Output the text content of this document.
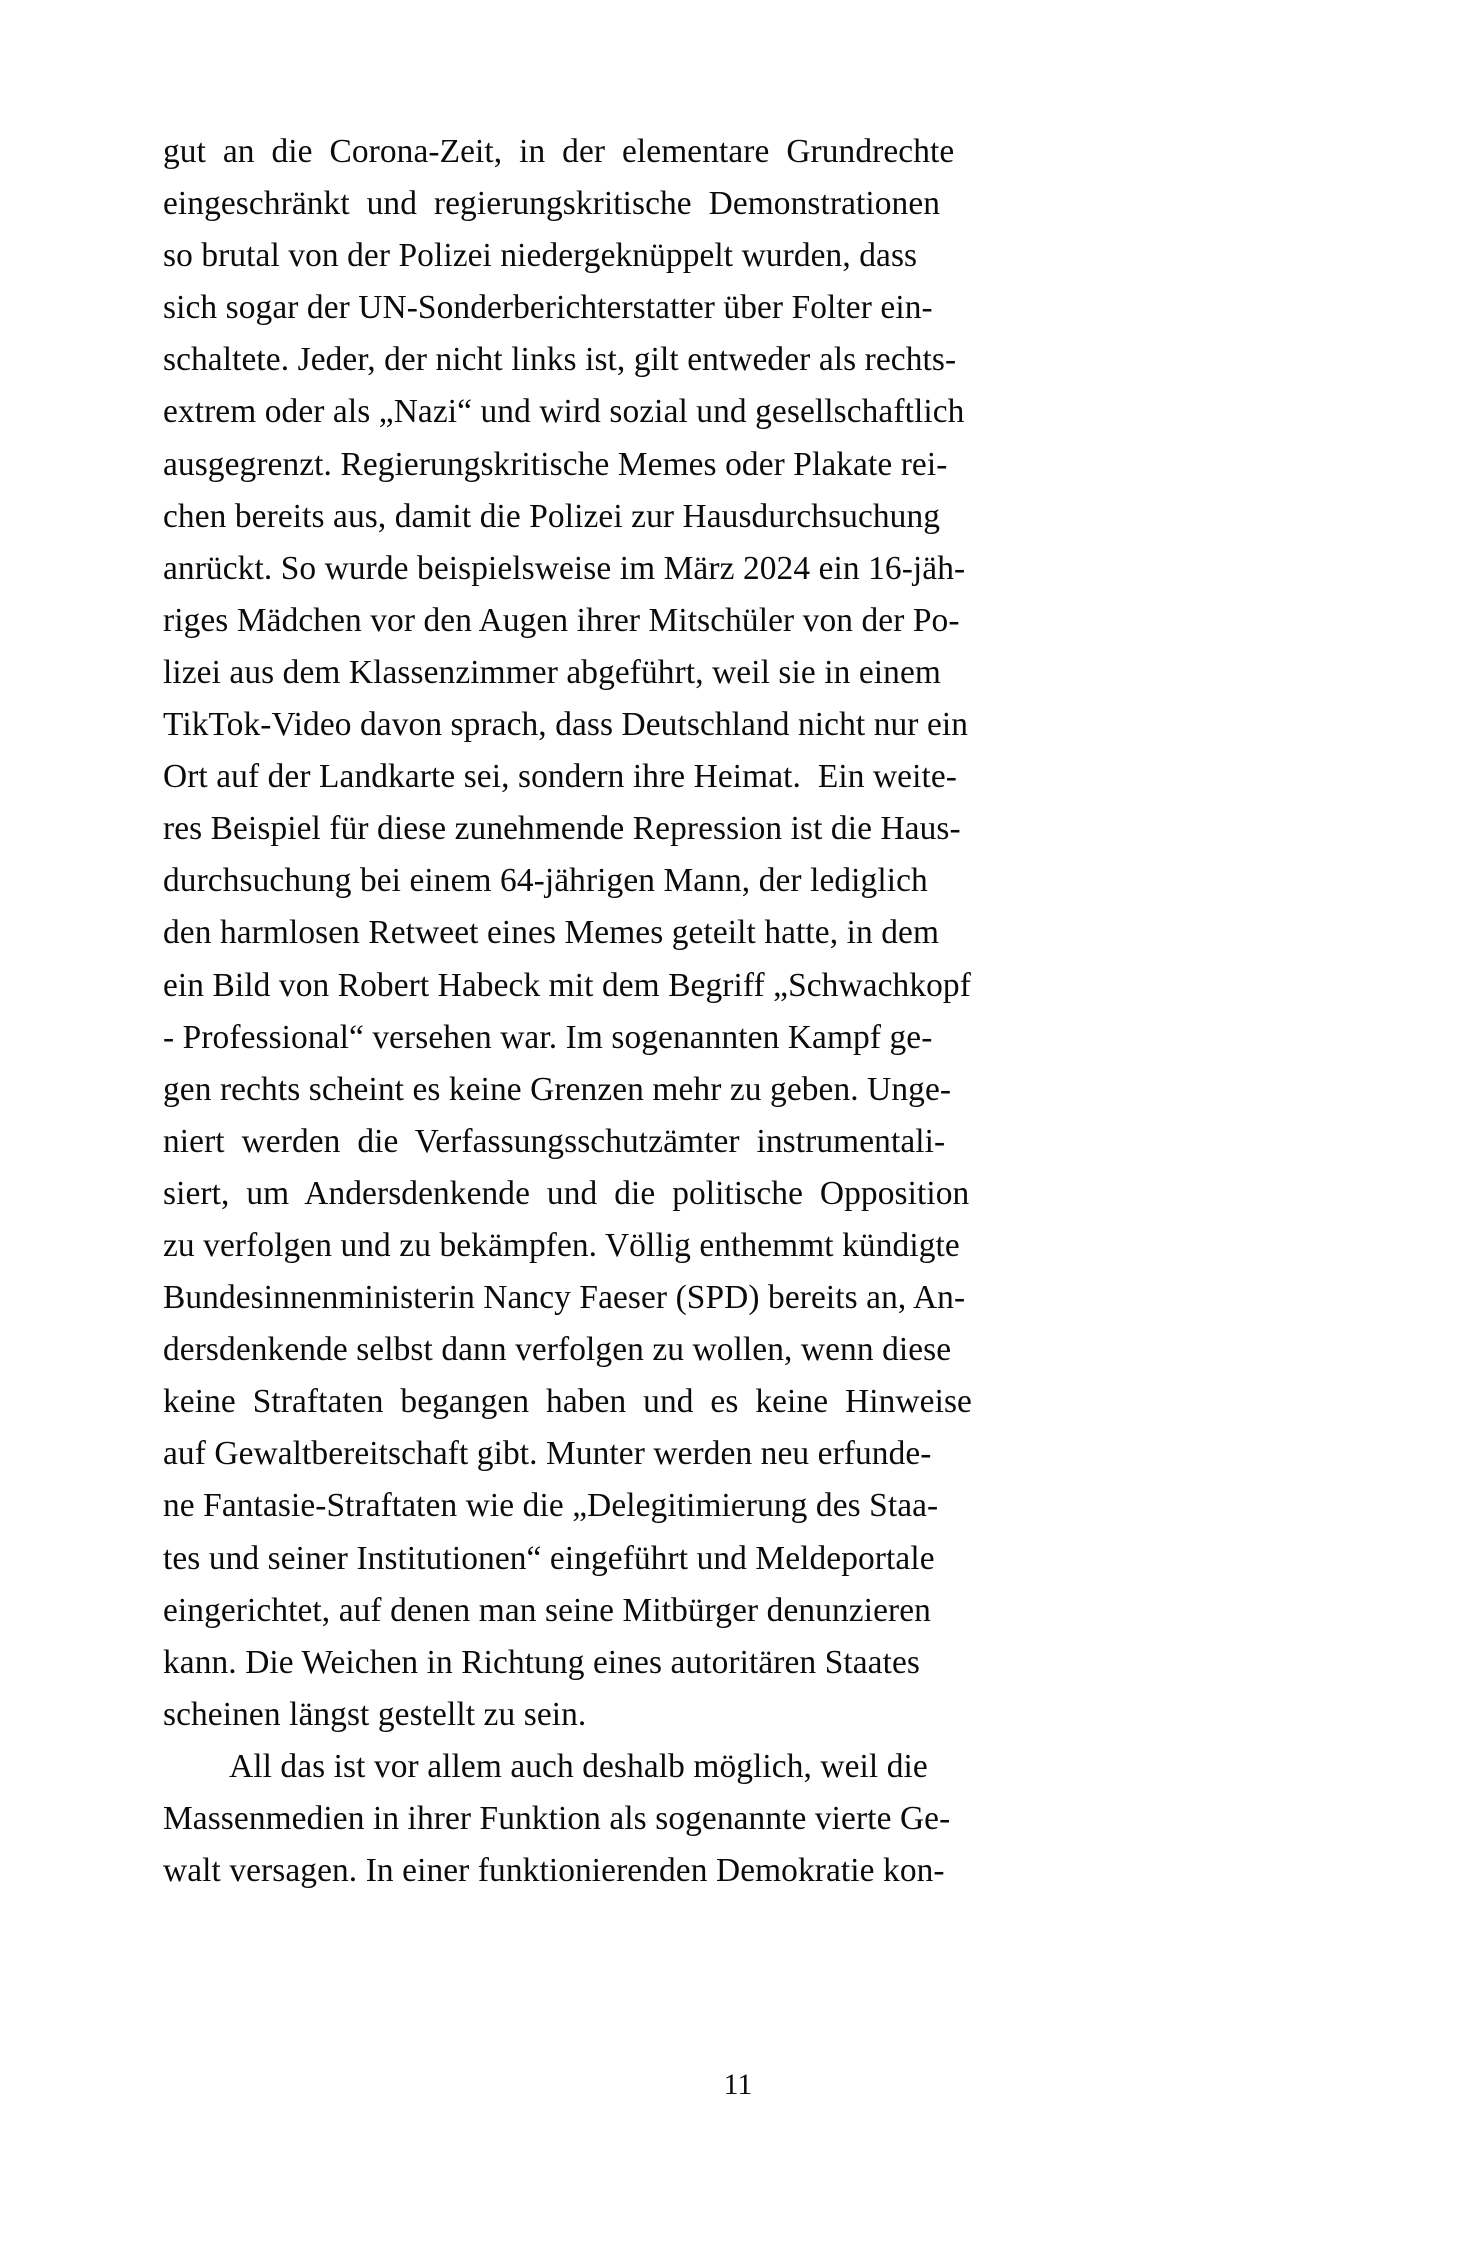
gut  an  die  Corona-Zeit,  in  der  elementare  Grundrechte
eingeschränkt  und  regierungskritische  Demonstrationen
so brutal von der Polizei niedergeknüppelt wurden, dass
sich sogar der UN-Sonderberichterstatter über Folter ein-
schaltete. Jeder, der nicht links ist, gilt entweder als rechts-
extrem oder als „Nazi“ und wird sozial und gesellschaftlich
ausgegrenzt. Regierungskritische Memes oder Plakate rei-
chen bereits aus, damit die Polizei zur Hausdurchsuchung
anrückt. So wurde beispielsweise im März 2024 ein 16-jäh-
riges Mädchen vor den Augen ihrer Mitschüler von der Po-
lizei aus dem Klassenzimmer abgeführt, weil sie in einem
TikTok-Video davon sprach, dass Deutschland nicht nur ein
Ort auf der Landkarte sei, sondern ihre Heimat.  Ein weite-
res Beispiel für diese zunehmende Repression ist die Haus-
durchsuchung bei einem 64-jährigen Mann, der lediglich
den harmlosen Retweet eines Memes geteilt hatte, in dem
ein Bild von Robert Habeck mit dem Begriff „Schwachkopf
- Professional“ versehen war. Im sogenannten Kampf ge-
gen rechts scheint es keine Grenzen mehr zu geben. Unge-
niert  werden  die  Verfassungsschutzämter  instrumentali-
siert,  um  Andersdenkende  und  die  politische  Opposition
zu verfolgen und zu bekämpfen. Völlig enthemmt kündigte
Bundesinnenministerin Nancy Faeser (SPD) bereits an, An-
dersdenkende selbst dann verfolgen zu wollen, wenn diese
keine  Straftaten  begangen  haben  und  es  keine  Hinweise
auf Gewaltbereitschaft gibt. Munter werden neu erfunde-
ne Fantasie-Straftaten wie die „Delegitimierung des Staa-
tes und seiner Institutionen“ eingeführt und Meldeportale
eingerichtet, auf denen man seine Mitbürger denunzieren
kann. Die Weichen in Richtung eines autoritären Staates
scheinen längst gestellt zu sein.
All das ist vor allem auch deshalb möglich, weil die
Massenmedien in ihrer Funktion als sogenannte vierte Ge-
walt versagen. In einer funktionierenden Demokratie kon-
11
